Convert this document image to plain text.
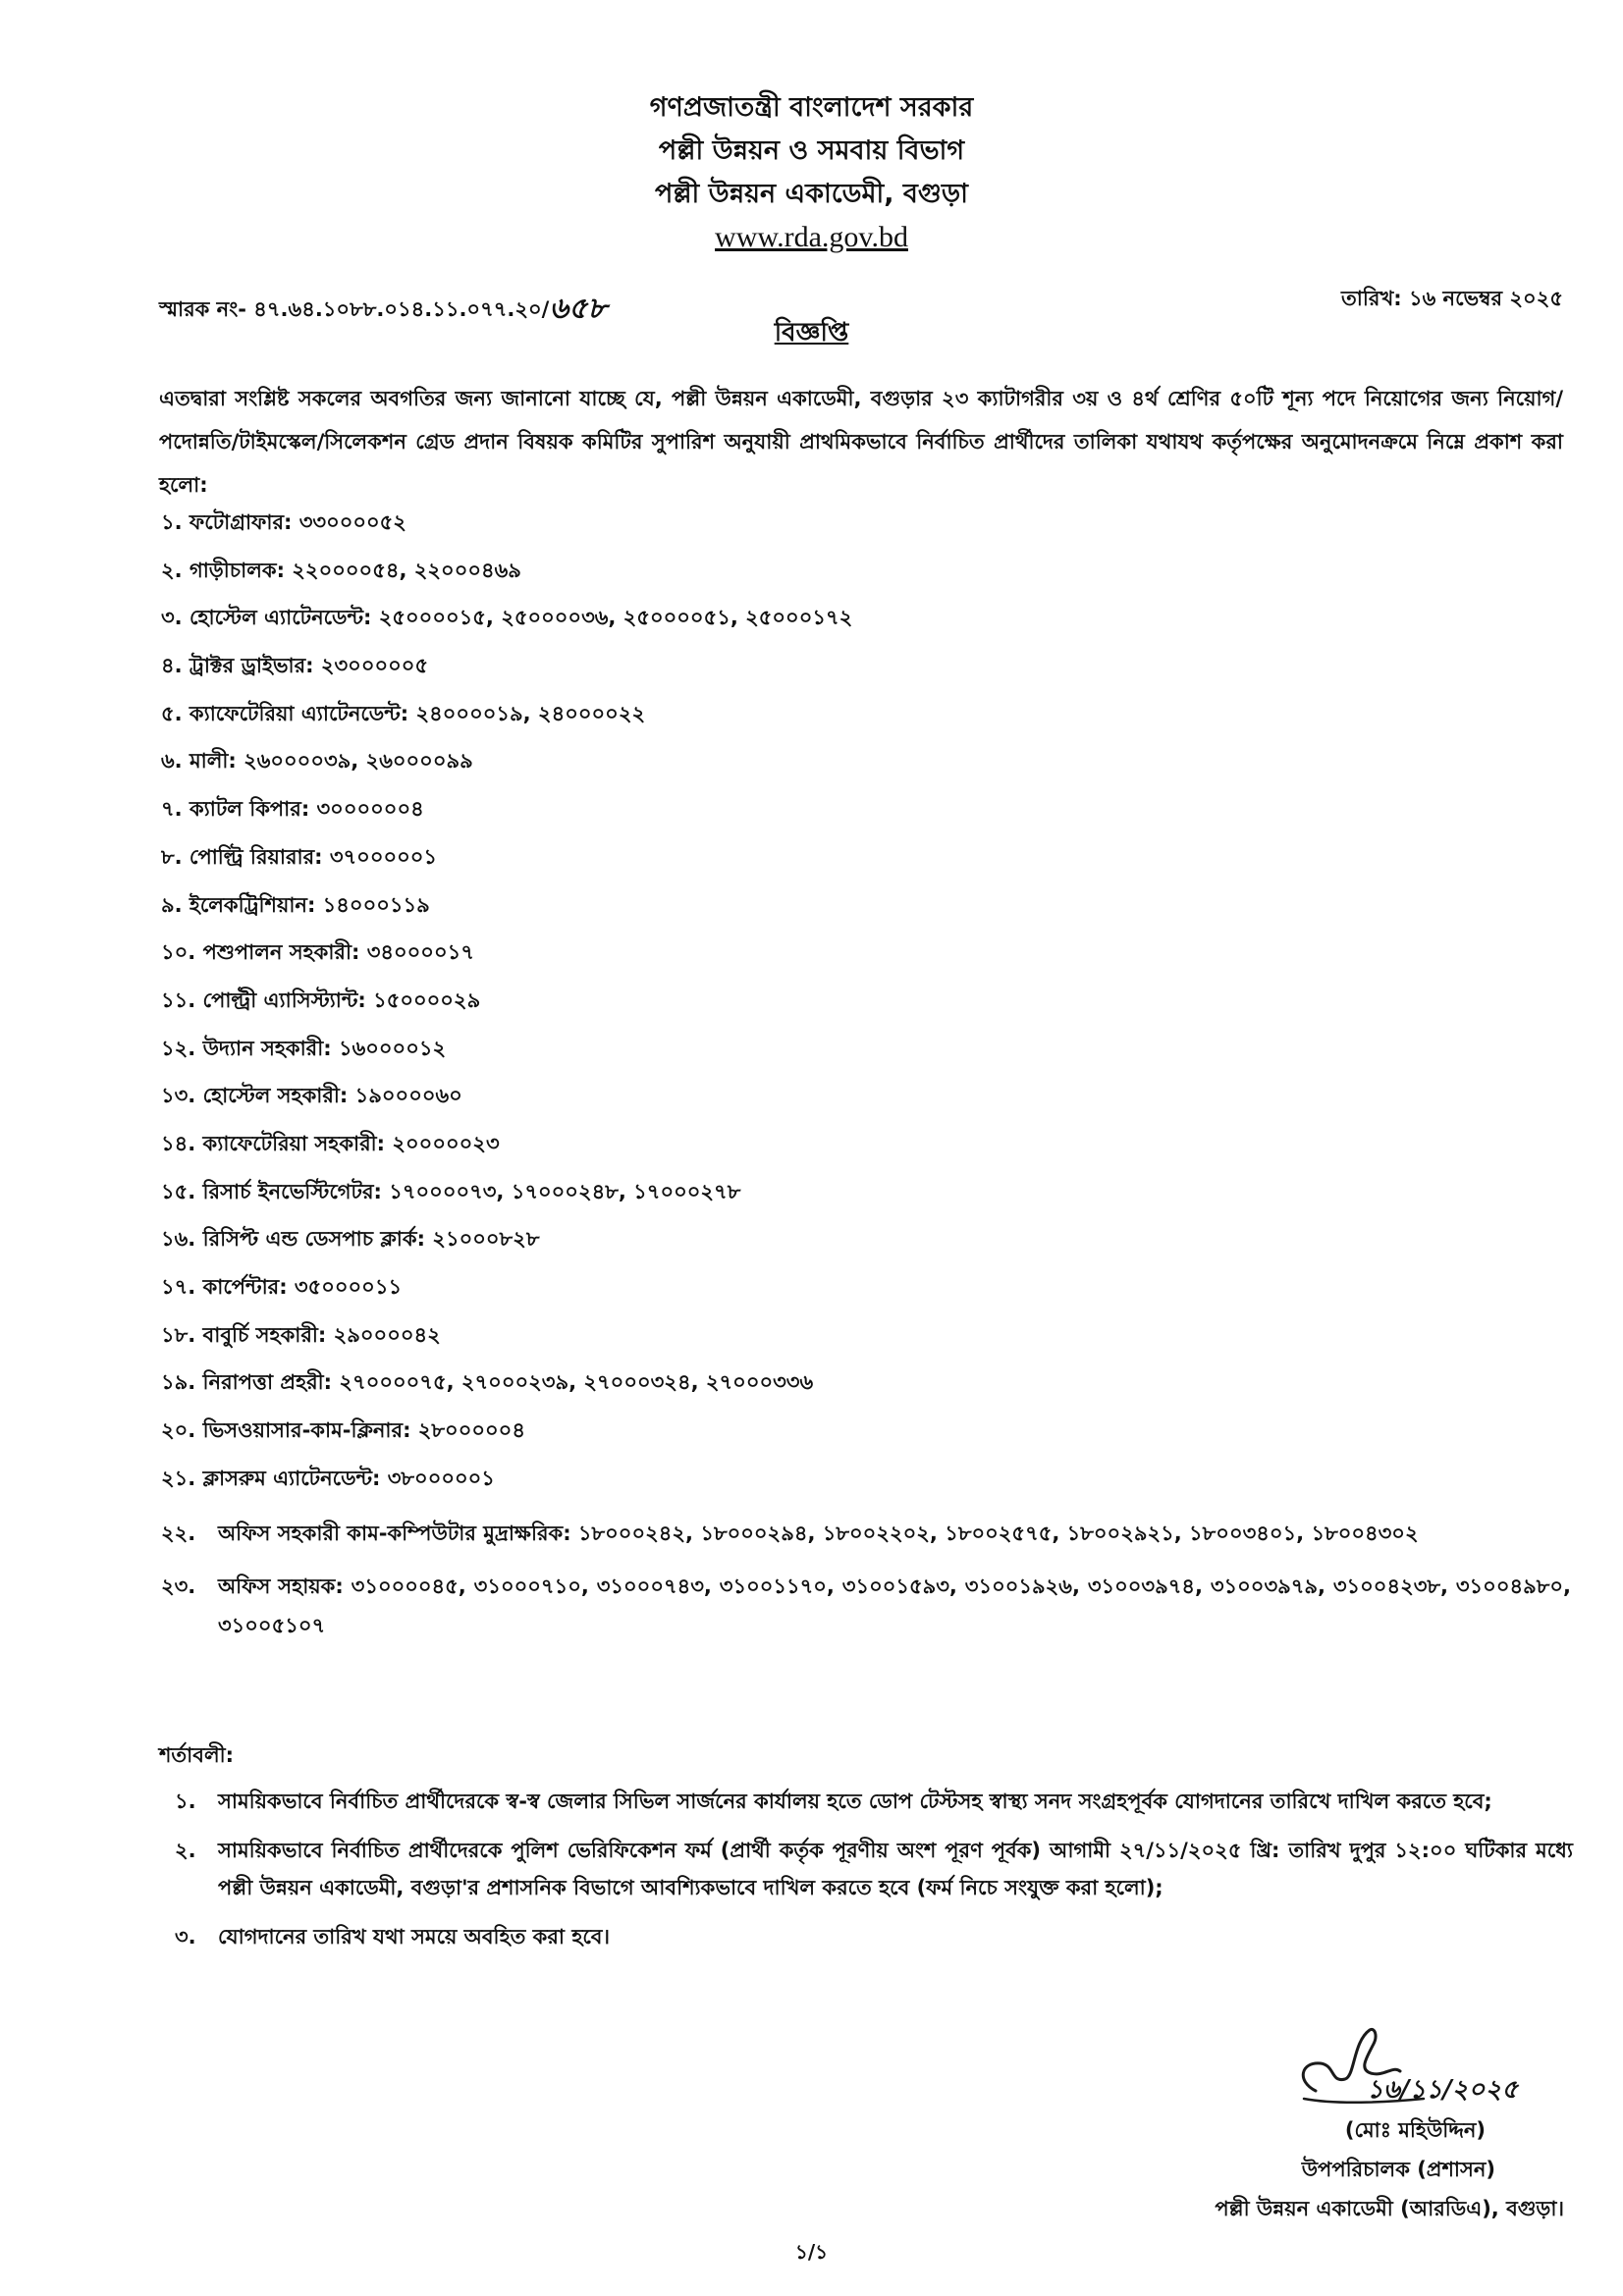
গণপ্রজাতন্ত্রী বাংলাদেশ সরকার
পল্লী উন্নয়ন ও সমবায় বিভাগ
পল্লী উন্নয়ন একাডেমী, বগুড়া
www.rda.gov.bd
স্মারক নং- ৪৭.৬৪.১০৮৮.০১৪.১১.০৭৭.২০/৬৫৮	তারিখ: ১৬ নভেম্বর ২০২৫
বিজ্ঞপ্তি
এতদ্বারা সংশ্লিষ্ট সকলের অবগতির জন্য জানানো যাচ্ছে যে, পল্লী উন্নয়ন একাডেমী, বগুড়ার ২৩ ক্যাটাগরীর ৩য় ও ৪র্থ শ্রেণির ৫০টি শূন্য পদে নিয়োগের জন্য নিয়োগ/পদোন্নতি/টাইমস্কেল/সিলেকশন গ্রেড প্রদান বিষয়ক কমিটির সুপারিশ অনুযায়ী প্রাথমিকভাবে নির্বাচিত প্রার্থীদের তালিকা যথাযথ কর্তৃপক্ষের অনুমোদনক্রমে নিম্নে প্রকাশ করা হলো:
১.
ফটোগ্রাফার: ৩৩০০০০৫২
২.
গাড়ীচালক: ২২০০০০৫৪, ২২০০০৪৬৯
৩.
হোস্টেল এ্যাটেনডেন্ট: ২৫০০০০১৫, ২৫০০০০৩৬, ২৫০০০০৫১, ২৫০০০১৭২
৪.
ট্রাক্টর ড্রাইভার: ২৩০০০০০৫
৫.
ক্যাফেটেরিয়া এ্যাটেনডেন্ট: ২৪০০০০১৯, ২৪০০০০২২
৬.
মালী: ২৬০০০০৩৯, ২৬০০০০৯৯
৭.
ক্যাটল কিপার: ৩০০০০০০৪
৮.
পোল্ট্রি রিয়ারার: ৩৭০০০০০১
৯.
ইলেকট্রিশিয়ান: ১৪০০০১১৯
১০.
পশুপালন সহকারী: ৩৪০০০০১৭
১১.
পোল্ট্রী এ্যাসিস্ট্যান্ট: ১৫০০০০২৯
১২.
উদ্যান সহকারী: ১৬০০০০১২
১৩.
হোস্টেল সহকারী: ১৯০০০০৬০
১৪.
ক্যাফেটেরিয়া সহকারী: ২০০০০০২৩
১৫.
রিসার্চ ইনভেস্টিগেটর: ১৭০০০০৭৩, ১৭০০০২৪৮, ১৭০০০২৭৮
১৬.
রিসিপ্ট এন্ড ডেসপাচ ক্লার্ক: ২১০০০৮২৮
১৭.
কার্পেন্টার: ৩৫০০০০১১
১৮.
বাবুর্চি সহকারী: ২৯০০০০৪২
১৯.
নিরাপত্তা প্রহরী: ২৭০০০০৭৫, ২৭০০০২৩৯, ২৭০০০৩২৪, ২৭০০০৩৩৬
২০.
ভিসওয়াসার-কাম-ক্লিনার: ২৮০০০০০৪
২১.
ক্লাসরুম এ্যাটেনডেন্ট: ৩৮০০০০০১
২২.	অফিস সহকারী কাম-কম্পিউটার মুদ্রাক্ষরিক: ১৮০০০২৪২, ১৮০০০২৯৪, ১৮০০২২০২, ১৮০০২৫৭৫, ১৮০০২৯২১, ১৮০০৩৪০১, ১৮০০৪৩০২
২৩.	অফিস সহায়ক: ৩১০০০০৪৫, ৩১০০০৭১০, ৩১০০০৭৪৩, ৩১০০১১৭০, ৩১০০১৫৯৩, ৩১০০১৯২৬, ৩১০০৩৯৭৪, ৩১০০৩৯৭৯, ৩১০০৪২৩৮, ৩১০০৪৯৮০, ৩১০০৫১০৭
শর্তাবলী:
১.	সাময়িকভাবে নির্বাচিত প্রার্থীদেরকে স্ব-স্ব জেলার সিভিল সার্জনের কার্যালয় হতে ডোপ টেস্টসহ স্বাস্থ্য সনদ সংগ্রহপূর্বক যোগদানের তারিখে দাখিল করতে হবে;
২.	সাময়িকভাবে নির্বাচিত প্রার্থীদেরকে পুলিশ ভেরিফিকেশন ফর্ম (প্রার্থী কর্তৃক পূরণীয় অংশ পূরণ পূর্বক) আগামী ২৭/১১/২০২৫ খ্রি: তারিখ দুপুর ১২:০০ ঘটিকার মধ্যে পল্লী উন্নয়ন একাডেমী, বগুড়া'র প্রশাসনিক বিভাগে আবশ্যিকভাবে দাখিল করতে হবে (ফর্ম নিচে সংযুক্ত করা হলো);
৩.	যোগদানের তারিখ যথা সময়ে অবহিত করা হবে।
১৬/১১/২০২৫
(মোঃ মহিউদ্দিন)
উপপরিচালক (প্রশাসন)
পল্লী উন্নয়ন একাডেমী (আরডিএ), বগুড়া।
১/১
